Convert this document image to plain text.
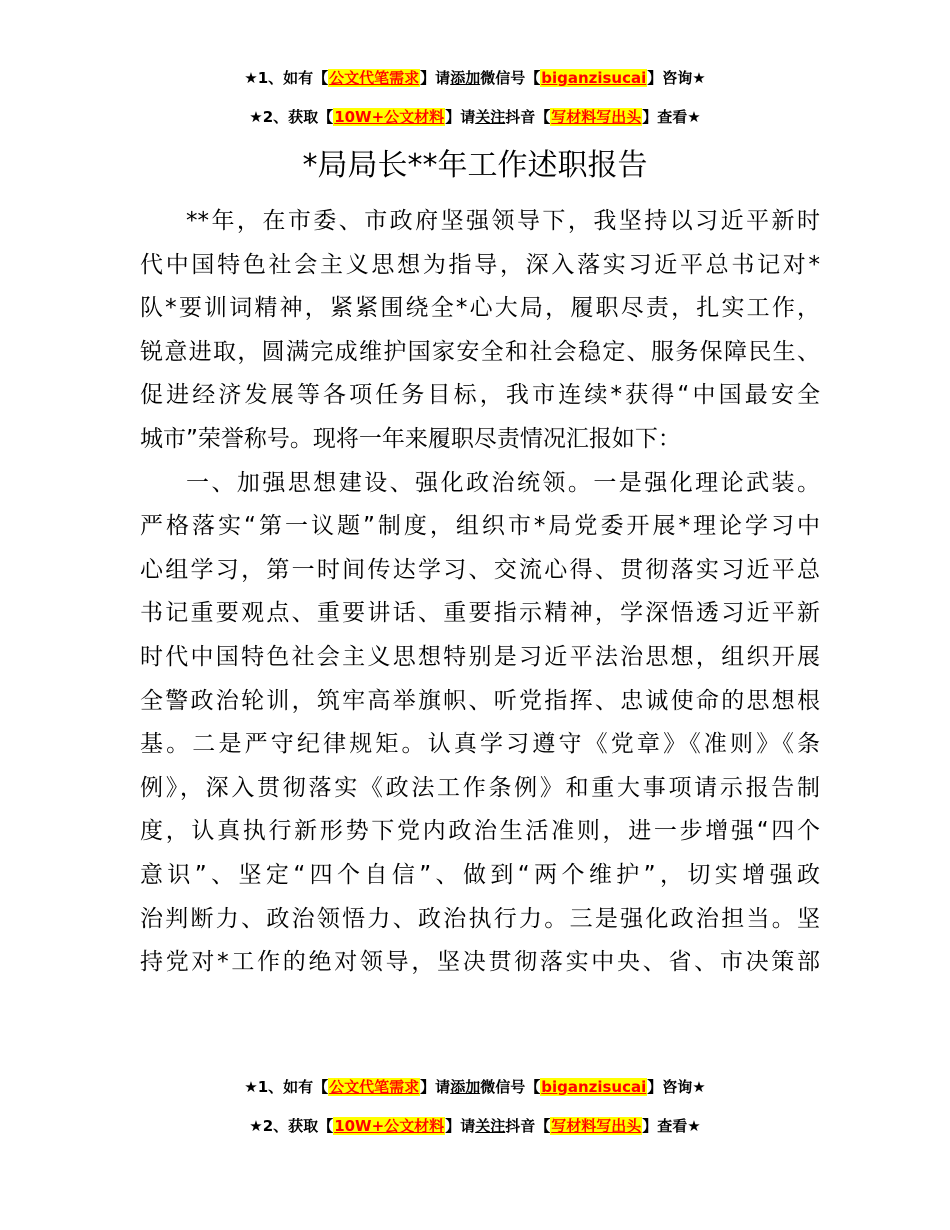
★1、如有【公文代笔需求】请添加微信号【biganzisucai】咨询★
★2、获取【10W+公文材料】请关注抖音【写材料写出头】查看★
*局局长**年工作述职报告
**年，在市委、市政府坚强领导下，我坚持以习近平新时
代中国特色社会主义思想为指导，深入落实习近平总书记对*
队*要训词精神，紧紧围绕全*心大局，履职尽责，扎实工作，
锐意进取，圆满完成维护国家安全和社会稳定、服务保障民生、
促进经济发展等各项任务目标，我市连续*获得“中国最安全
城市”荣誉称号。现将一年来履职尽责情况汇报如下：
一、加强思想建设、强化政治统领。一是强化理论武装。
严格落实“第一议题”制度，组织市*局党委开展*理论学习中
心组学习，第一时间传达学习、交流心得、贯彻落实习近平总
书记重要观点、重要讲话、重要指示精神，学深悟透习近平新
时代中国特色社会主义思想特别是习近平法治思想，组织开展
全警政治轮训，筑牢高举旗帜、听党指挥、忠诚使命的思想根
基。二是严守纪律规矩。认真学习遵守《党章》《准则》《条
例》，深入贯彻落实《政法工作条例》和重大事项请示报告制
度，认真执行新形势下党内政治生活准则，进一步增强“四个
意识”、坚定“四个自信”、做到“两个维护”，切实增强政
治判断力、政治领悟力、政治执行力。三是强化政治担当。坚
持党对*工作的绝对领导，坚决贯彻落实中央、省、市决策部
★1、如有【公文代笔需求】请添加微信号【biganzisucai】咨询★
★2、获取【10W+公文材料】请关注抖音【写材料写出头】查看★
